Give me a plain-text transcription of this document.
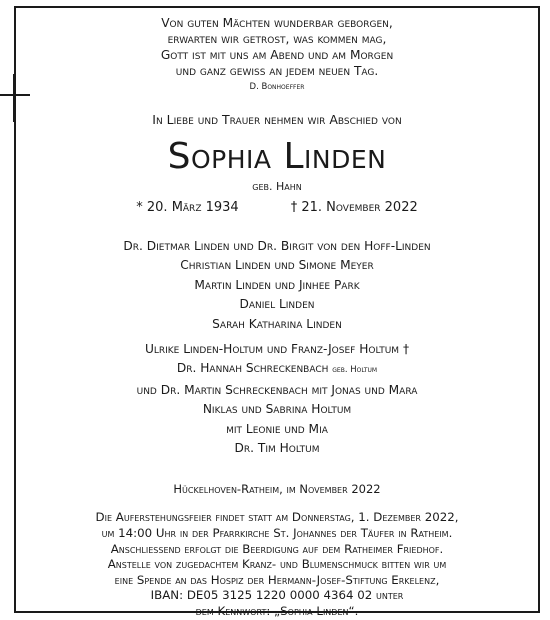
Von guten Mächten wunderbar geborgen,
erwarten wir getrost, was kommen mag,
Gott ist mit uns am Abend und am Morgen
und ganz gewiss an jedem neuen Tag.
D. Bonhoeffer
In Liebe und Trauer nehmen wir Abschied von
Sophia Linden
geb. Hahn
* 20. März 1934	† 21. November 2022
Dr. Dietmar Linden und Dr. Birgit von den Hoff-Linden
Christian Linden und Simone Meyer
Martin Linden und Jinhee Park
Daniel Linden
Sarah Katharina Linden
Ulrike Linden-Holtum und Franz-Josef Holtum †
Dr. Hannah Schreckenbach geb. Holtum
und Dr. Martin Schreckenbach mit Jonas und Mara
Niklas und Sabrina Holtum
mit Leonie und Mia
Dr. Tim Holtum
Hückelhoven-Ratheim, im November 2022
Die Auferstehungsfeier findet statt am Donnerstag, 1. Dezember 2022,
um 14:00 Uhr in der Pfarrkirche St. Johannes der Täufer in Ratheim.
Anschliessend erfolgt die Beerdigung auf dem Ratheimer Friedhof.
Anstelle von zugedachtem Kranz- und Blumenschmuck bitten wir um
eine Spende an das Hospiz der Hermann-Josef-Stiftung Erkelenz,
IBAN: DE05 3125 1220 0000 4364 02 unter
dem Kennwort: „Sophia Linden“.
